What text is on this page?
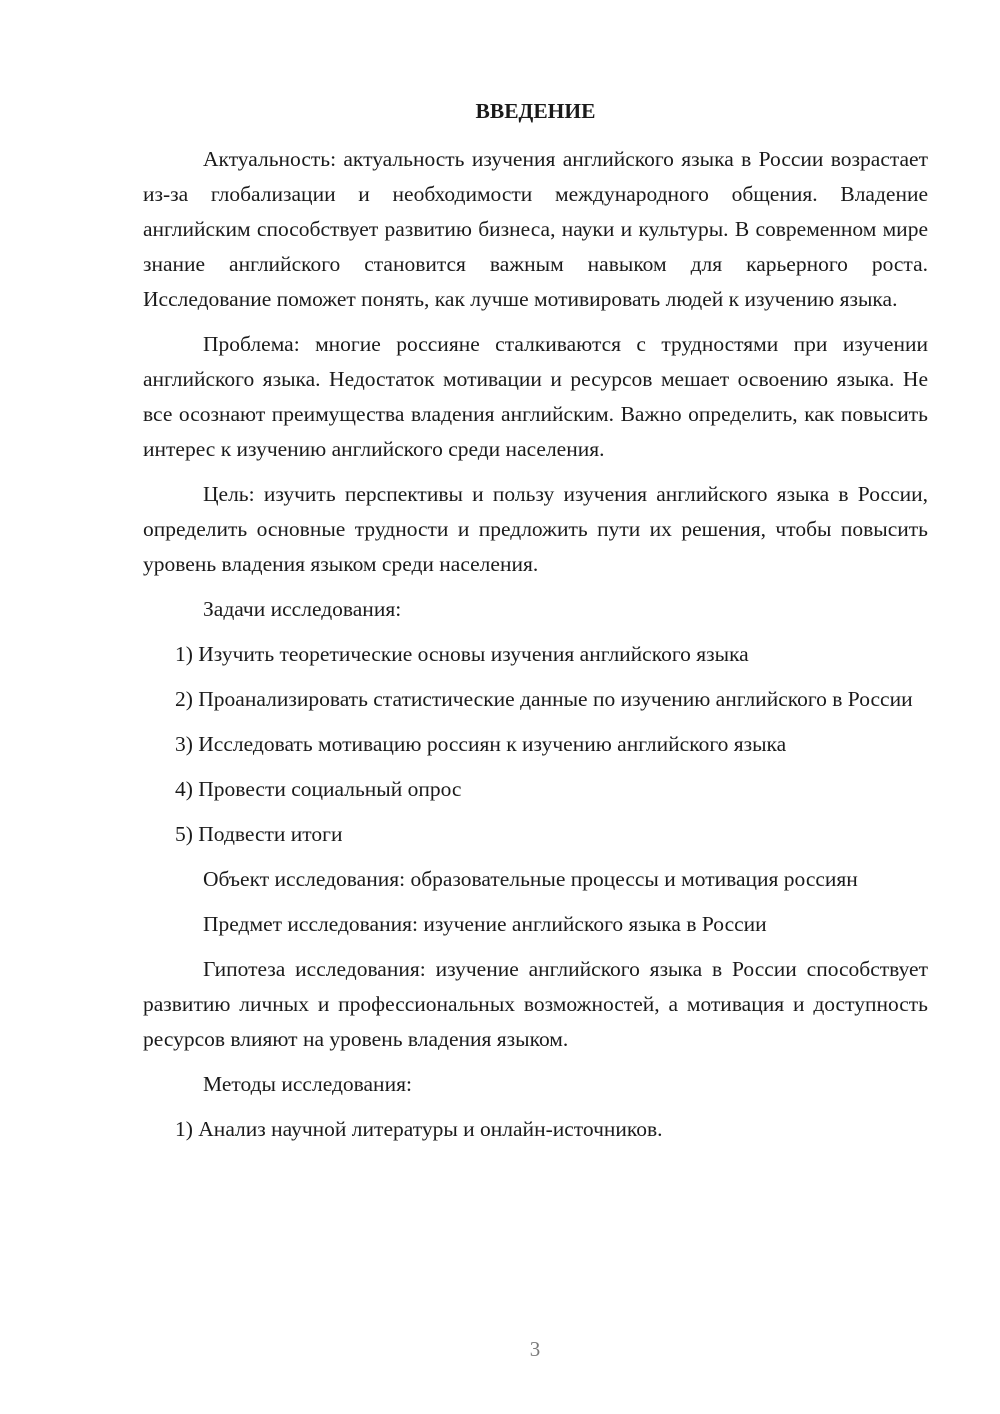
ВВЕДЕНИЕ

Актуальность: актуальность изучения английского языка в России возрастает из-за глобализации и необходимости международного общения. Владение английским способствует развитию бизнеса, науки и культуры. В современном мире знание английского становится важным навыком для карьерного роста. Исследование поможет понять, как лучше мотивировать людей к изучению языка.

Проблема: многие россияне сталкиваются с трудностями при изучении английского языка. Недостаток мотивации и ресурсов мешает освоению языка. Не все осознают преимущества владения английским. Важно определить, как повысить интерес к изучению английского среди населения.

Цель: изучить перспективы и пользу изучения английского языка в России, определить основные трудности и предложить пути их решения, чтобы повысить уровень владения языком среди населения.

Задачи исследования:

1) Изучить теоретические основы изучения английского языка

2) Проанализировать статистические данные по изучению английского в России

3) Исследовать мотивацию россиян к изучению английского языка

4) Провести социальный опрос

5) Подвести итоги

Объект исследования: образовательные процессы и мотивация россиян

Предмет исследования: изучение английского языка в России

Гипотеза исследования: изучение английского языка в России способствует развитию личных и профессиональных возможностей, а мотивация и доступность ресурсов влияют на уровень владения языком.

Методы исследования:

1) Анализ научной литературы и онлайн-источников.

3
